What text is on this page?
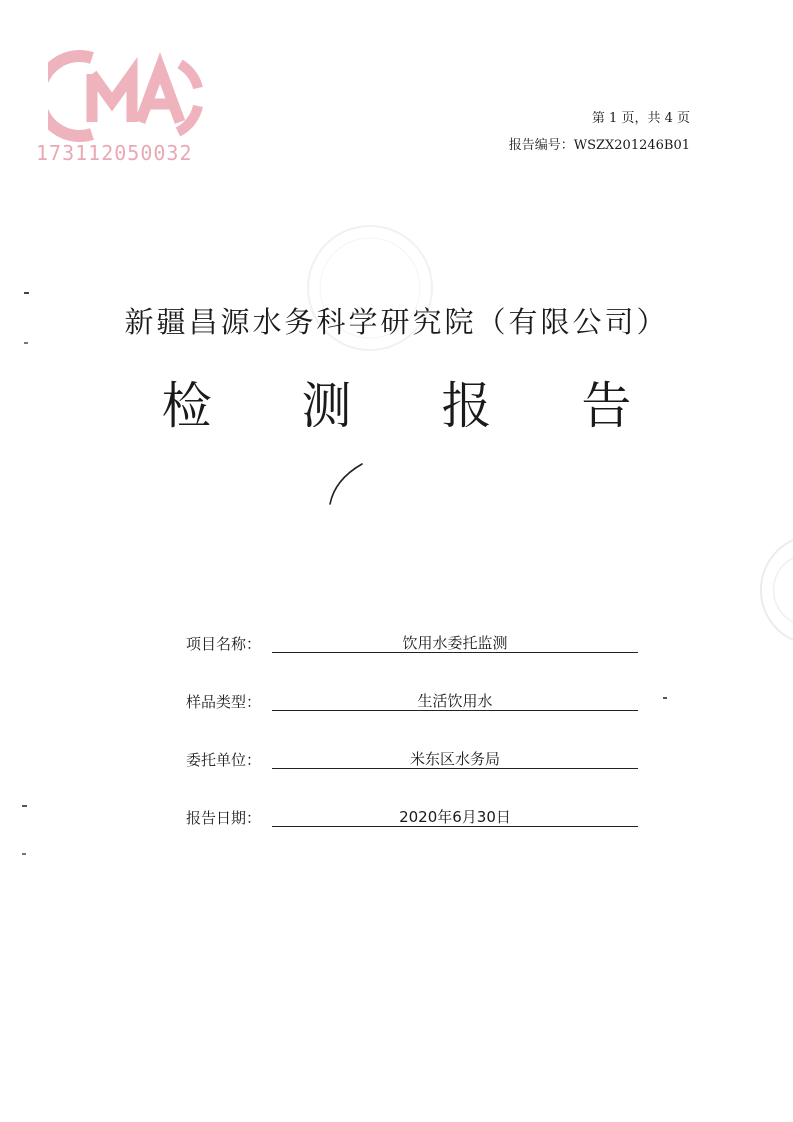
173112050032
第 1 页，共 4 页
报告编号：WSZX201246B01
新疆昌源水务科学研究院（有限公司）
检 测 报 告
项目名称：	饮用水委托监测
样品类型：	生活饮用水
委托单位：	米东区水务局
报告日期：	2020年6月30日
